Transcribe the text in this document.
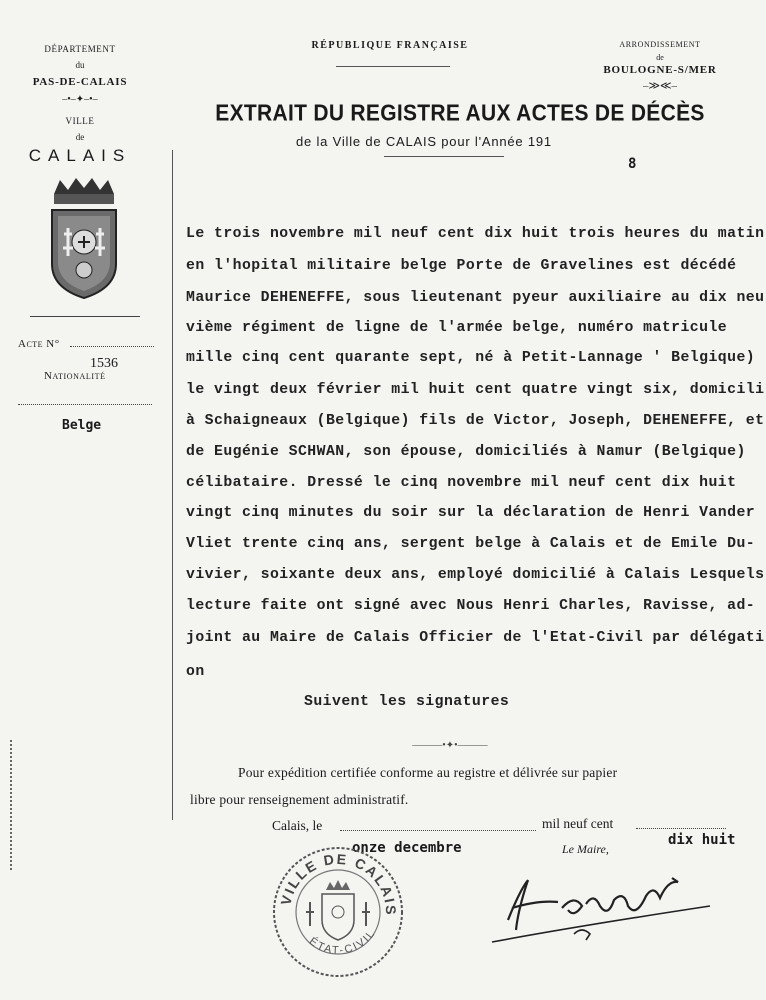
DÉPARTEMENT
du
PAS-DE-CALAIS
–•–✦–•–
VILLE
de
CALAIS
Acte N°
1536
Nationalité
Belge
RÉPUBLIQUE FRANÇAISE	ARRONDISSEMENT
de
BOULOGNE-S/MER
–≫≪–
EXTRAIT DU REGISTRE AUX ACTES DE DÉCÈS
de la Ville de CALAIS pour l'Année 191
8
Le trois novembre mil neuf cent dix huit trois heures du matin
en l'hopital militaire belge Porte de Gravelines est décédé
Maurice DEHENEFFE, sous lieutenant pyeur auxiliaire au dix neu
vième régiment de ligne de l'armée belge, numéro matricule
mille cinq cent quarante sept, né à Petit-Lannage ' Belgique)
le vingt deux février mil huit cent quatre vingt six, domicili
à Schaigneaux (Belgique) fils de Victor, Joseph, DEHENEFFE, et
de Eugénie SCHWAN, son épouse, domiciliés à Namur (Belgique)
célibataire. Dressé le cinq novembre mil neuf cent dix huit
vingt cinq minutes du soir sur la déclaration de Henri Vander
Vliet trente cinq ans, sergent belge à Calais et de Emile Du-
vivier, soixante deux ans, employé domicilié à Calais Lesquels
lecture faite ont signé avec Nous Henri Charles, Ravisse, ad-
joint au Maire de Calais Officier de l'Etat-Civil par délégati
on
Suivent les signatures
———•✦•———
Pour expédition certifiée conforme au registre et délivrée sur papier
libre pour renseignement administratif.
Calais, le	mil neuf cent
onze decembre	dix huit
Le Maire,
VILLE DE CALAIS
ÉTAT-CIVIL
